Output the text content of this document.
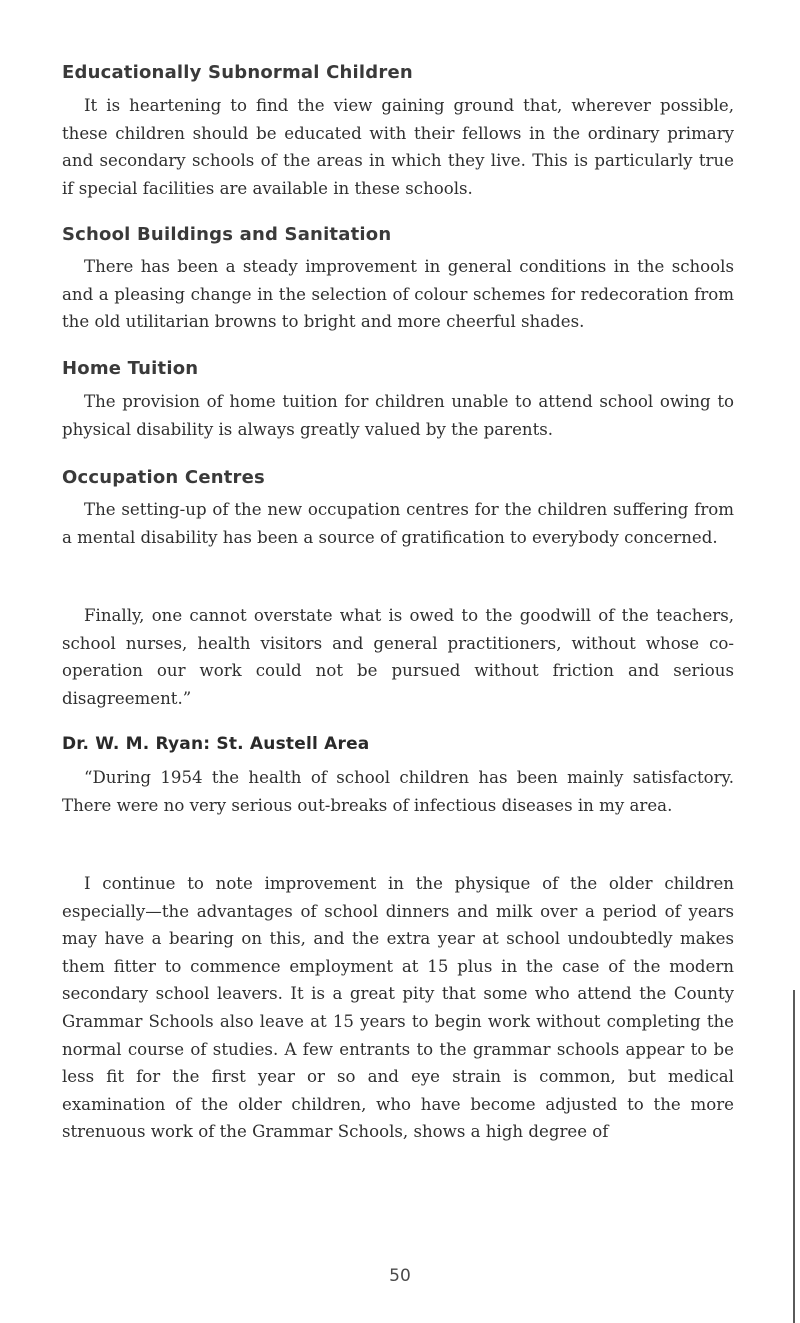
Educationally Subnormal Children

It is heartening to find the view gaining ground that, wherever possible, these children should be educated with their fellows in the ordinary primary and secondary schools of the areas in which they live. This is particularly true if special facilities are available in these schools.

School Buildings and Sanitation

There has been a steady improvement in general conditions in the schools and a pleasing change in the selection of colour schemes for redecoration from the old utilitarian browns to bright and more cheerful shades.

Home Tuition

The provision of home tuition for children unable to attend school owing to physical disability is always greatly valued by the parents.

Occupation Centres

The setting-up of the new occupation centres for the children suffering from a mental disability has been a source of gratification to everybody concerned.

Finally, one cannot overstate what is owed to the goodwill of the teachers, school nurses, health visitors and general practitioners, without whose co-operation our work could not be pursued without friction and serious disagreement.”

Dr. W. M. Ryan: St. Austell Area

“During 1954 the health of school children has been mainly satisfactory. There were no very serious out-breaks of infectious diseases in my area.

I continue to note improvement in the physique of the older children especially—the advantages of school dinners and milk over a period of years may have a bearing on this, and the extra year at school undoubtedly makes them fitter to commence employment at 15 plus in the case of the modern secondary school leavers. It is a great pity that some who attend the County Grammar Schools also leave at 15 years to begin work without completing the normal course of studies. A few entrants to the grammar schools appear to be less fit for the first year or so and eye strain is common, but medical examination of the older children, who have become adjusted to the more strenuous work of the Grammar Schools, shows a high degree of

50
